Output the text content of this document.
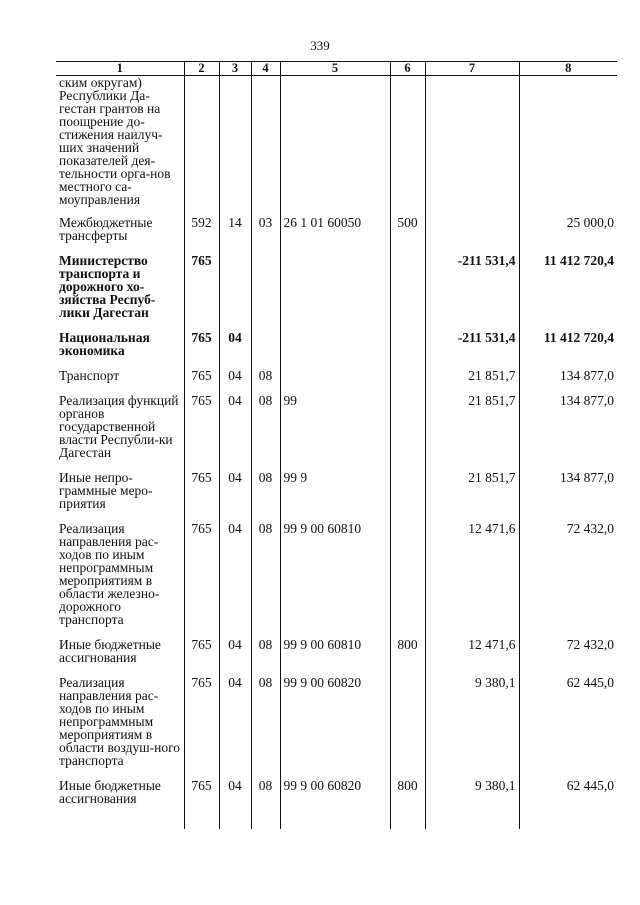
339
1	2	3	4	5	6	7	8
ским округам) Республики Да-гестан грантов на поощрение до-стижения наилуч-ших значений показателей дея-тельности орга-нов местного са-моуправления							
Межбюджетные трансферты	592	14	03	26 1 01 60050	500		25 000,0
Министерство транспорта и дорожного хо-зяйства Респуб-лики Дагестан	765					-211 531,4	11 412 720,4
Национальная экономика	765	04				-211 531,4	11 412 720,4
Транспорт	765	04	08			21 851,7	134 877,0
Реализация функций органов государственной власти Республи-ки Дагестан	765	04	08	99		21 851,7	134 877,0
Иные непро-граммные меро-приятия	765	04	08	99 9		21 851,7	134 877,0
Реализация направления рас-ходов по иным непрограммным мероприятиям в области железно-дорожного транспорта	765	04	08	99 9 00 60810		12 471,6	72 432,0
Иные бюджетные ассигнования	765	04	08	99 9 00 60810	800	12 471,6	72 432,0
Реализация направления рас-ходов по иным непрограммным мероприятиям в области воздуш-ного транспорта	765	04	08	99 9 00 60820		9 380,1	62 445,0
Иные бюджетные ассигнования	765	04	08	99 9 00 60820	800	9 380,1	62 445,0
